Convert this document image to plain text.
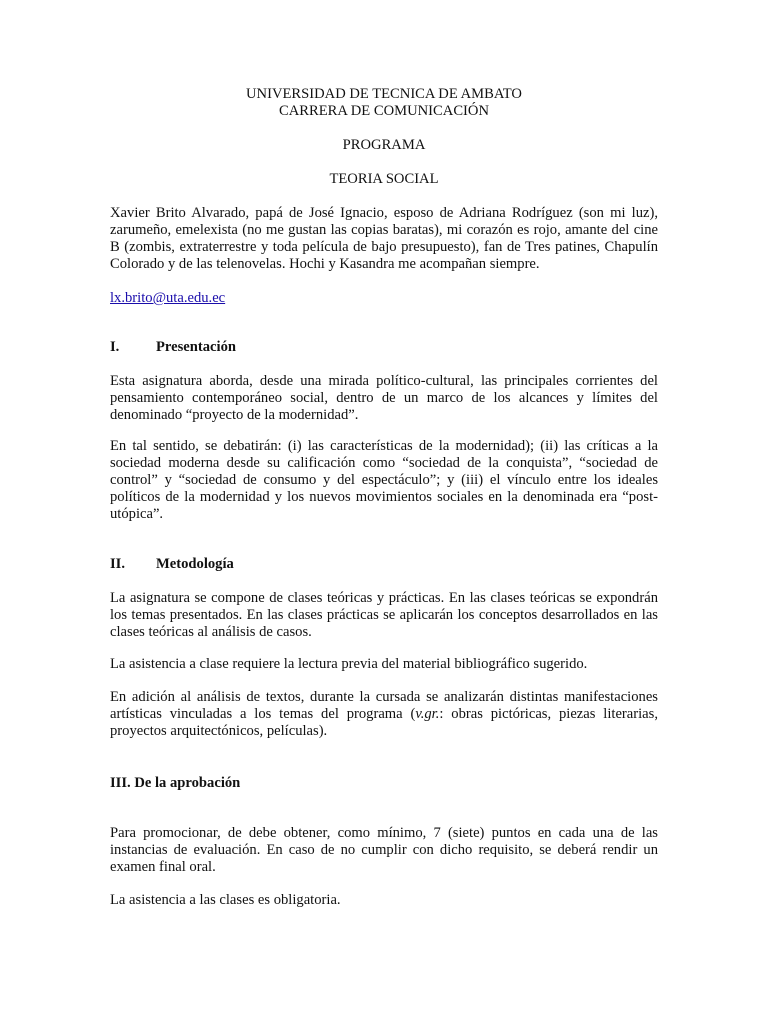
UNIVERSIDAD DE TECNICA DE AMBATO
CARRERA DE COMUNICACIÓN
PROGRAMA
TEORIA SOCIAL

Xavier Brito Alvarado, papá de José Ignacio, esposo de Adriana Rodríguez (son mi luz), zarumeño, emelexista (no me gustan las copias baratas), mi corazón es rojo, amante del cine B (zombis, extraterrestre y toda película de bajo presupuesto), fan de Tres patines, Chapulín Colorado y de las telenovelas. Hochi y Kasandra me acompañan siempre.

lx.brito@uta.edu.ec
I.	Presentación

Esta asignatura aborda, desde una mirada político-cultural, las principales corrientes del pensamiento contemporáneo social, dentro de un marco de los alcances y límites del denominado “proyecto de la modernidad”.

En tal sentido, se debatirán: (i) las características de la modernidad); (ii) las críticas a la sociedad moderna desde su calificación como “sociedad de la conquista”, “sociedad de control” y “sociedad de consumo y del espectáculo”; y (iii) el vínculo entre los ideales políticos de la modernidad y los nuevos movimientos sociales en la denominada era “post-utópica”.

II. Metodología

La asignatura se compone de clases teóricas y prácticas. En las clases teóricas se expondrán los temas presentados. En las clases prácticas se aplicarán los conceptos desarrollados en las clases teóricas al análisis de casos.

La asistencia a clase requiere la lectura previa del material bibliográfico sugerido.

En adición al análisis de textos, durante la cursada se analizarán distintas manifestaciones artísticas vinculadas a los temas del programa (v.gr.: obras pictóricas, piezas literarias, proyectos arquitectónicos, películas).

III. De la aprobación

Para promocionar, de debe obtener, como mínimo, 7 (siete) puntos en cada una de las instancias de evaluación. En caso de no cumplir con dicho requisito, se deberá rendir un examen final oral.

La asistencia a las clases es obligatoria.
